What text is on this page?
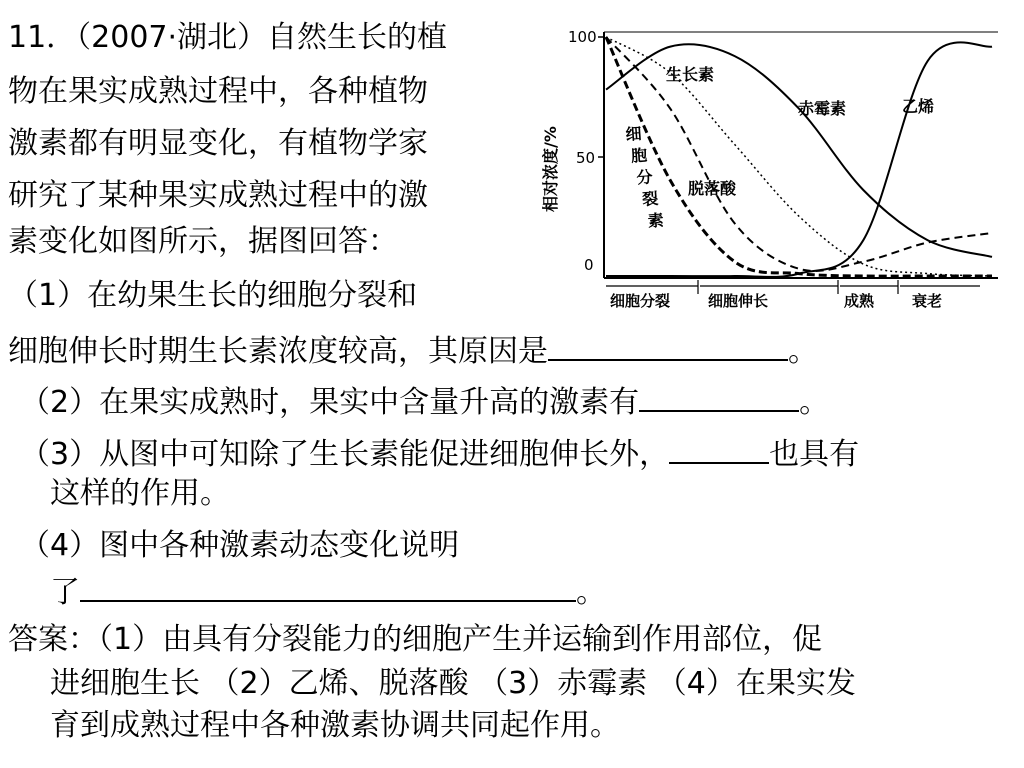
11．（2007·湖北）自然生长的植
物在果实成熟过程中，各种植物
激素都有明显变化，有植物学家
研究了某种果实成熟过程中的激
素变化如图所示，据图回答：
（1）在幼果生长的细胞分裂和
细胞伸长时期生长素浓度较高，其原因是	。
（2）在果实成熟时，果实中含量升高的激素有	。
（3）从图中可知除了生长素能促进细胞伸长外，	也具有
这样的作用。
（4）图中各种激素动态变化说明
了	。
答案：（1）由具有分裂能力的细胞产生并运输到作用部位，促
进细胞生长 （2）乙烯、脱落酸 （3）赤霉素 （4）在果实发
育到成熟过程中各种激素协调共同起作用。
100
50
0
相对浓度/%
细胞分裂	细胞伸长	成熟	衰老
生长素
赤霉素	乙烯
脱落酸
细胞分裂素
